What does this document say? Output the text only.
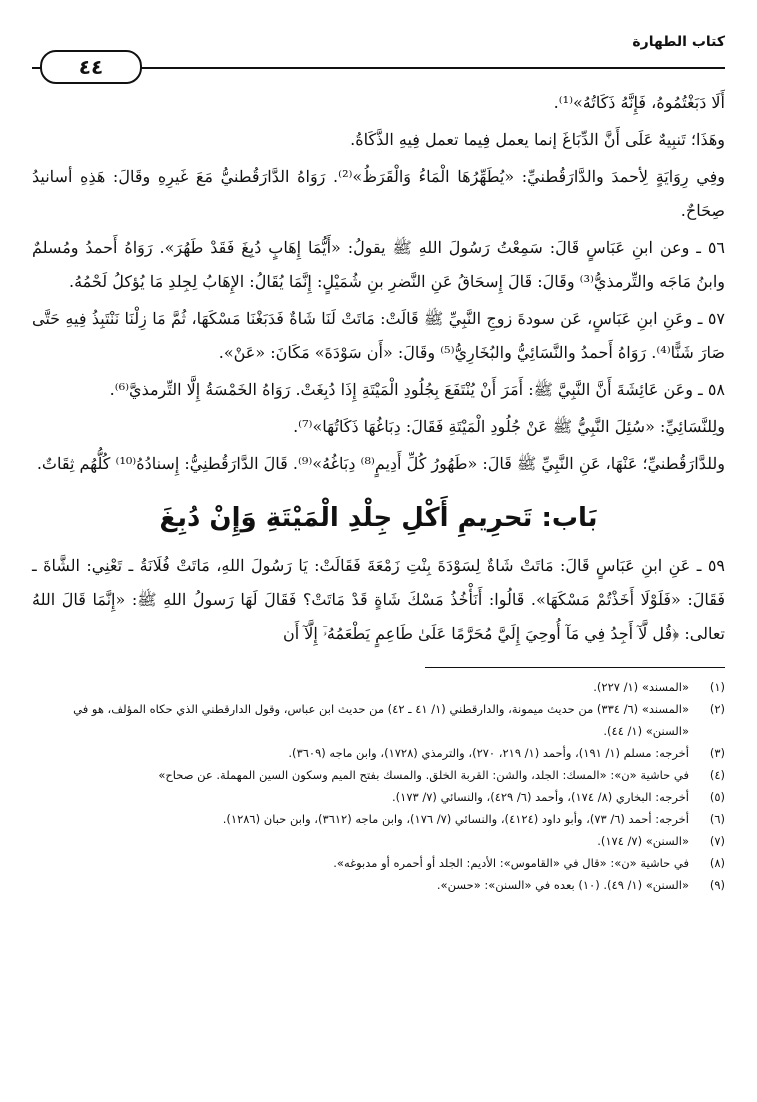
كتاب الطهارة
٤٤

أَلَا دَبَغْتُمُوهُ، فَإِنَّهُ ذَكَاتُهُ»⁽¹⁾.

وهَذَا؛ تَنبِيهٌ عَلَى أَنَّ الدِّبَاغَ إنما يعمل فِيما تعمل فِيهِ الذَّكَاةُ.

وفِي رِوَايَةٍ لِأحمدَ والدَّارَقُطنيِّ: «يُطَهِّرُهَا الْمَاءُ وَالْقَرَظُ»⁽²⁾. رَوَاهُ الدَّارَقُطنيُّ مَعَ غَيرِهِ وقَالَ: هَذِهِ أسانيدُ صِحَاحٌ.

٥٦ ـ وعن ابنِ عَبَاسٍ قَالَ: سَمِعْتُ رَسُولَ اللهِ ﷺ يقولُ: «أَيُّمَا إِهَابٍ دُبِغَ فَقَدْ طَهُرَ». رَوَاهُ أَحمدُ ومُسلمٌ وابنُ مَاجَه والتِّرمذيُّ⁽³⁾ وقَالَ: قَالَ إِسحَاقُ عَنِ النَّضرِ بنِ شُمَيْلٍ: إِنَّمَا يُقَالُ: الإِهَابُ لِجِلدِ مَا يُؤكلُ لَحْمُهُ.

٥٧ ـ وعَنِ ابنِ عَبَاسٍ، عَن سودةَ زوجِ النَّبِيِّ ﷺ قَالَتْ: مَاتَتْ لَنَا شَاةٌ فَدَبَغْنَا مَسْكَهَا، ثُمَّ مَا زِلْنَا نَنْتَبِذُ فِيهِ حَتَّى صَارَ شَنًّا⁽⁴⁾. رَوَاهُ أَحمدُ والنَّسَائِيُّ والبُخَارِيُّ⁽⁵⁾ وقَالَ: «أَن سَوْدَةَ» مَكَانَ: «عَنْ».

٥٨ ـ وعَن عَائِشَةَ أَنَّ النَّبِيَّ ﷺ: أَمَرَ أَنْ يُنْتَفَعَ بِجُلُودِ الْمَيْتَةِ إِذَا دُبِغَتْ. رَوَاهُ الخَمْسَةُ إِلَّا التِّرمذيَّ⁽⁶⁾.

ولِلنَّسَائِيِّ: «سُئِلَ النَّبِيُّ ﷺ عَنْ جُلُودِ الْمَيْتَةِ فَقَالَ: دِبَاغُهَا ذَكَاتُهَا»⁽⁷⁾.

وللدَّارَقُطنيِّ؛ عَنْهَا، عَنِ النَّبِيِّ ﷺ قَالَ: «طَهُورُ كُلِّ أَدِيمٍ⁽⁸⁾ دِبَاغُهُ»⁽⁹⁾. قَالَ الدَّارَقُطنِيُّ: إِسنادُهُ⁽¹⁰⁾ كُلُّهُم ثِقَاتٌ.

بَاب: تَحرِيمِ أَكْلِ جِلْدِ الْمَيْتَةِ وَإِنْ دُبِغَ

٥٩ ـ عَنِ ابنِ عَبَاسٍ قَالَ: مَاتَتْ شَاةٌ لِسَوْدَةَ بِنْتِ زَمْعَةَ فَقَالَتْ: يَا رَسُولَ اللهِ، مَاتَتْ فُلَانَةُ ـ تَعْنِي: الشَّاةَ ـ فَقَالَ: «فَلَوْلَا أَخَذْتُمْ مَسْكَهَا». قَالُوا: أَنَأْخُذُ مَسْكَ شَاةٍ قَدْ مَاتَتْ؟ فَقَالَ لَهَا رَسولُ اللهِ ﷺ: «إِنَّمَا قَالَ اللهُ تعالى: ﴿قُل لَّآ أَجِدُ فِي مَآ أُوحِيَ إِلَيَّ مُحَرَّمًا عَلَىٰ طَاعِمٍ يَطْعَمُهُۥٓ إِلَّآ أَن

(١)
«المسند» (١/ ٢٢٧).
(٢)
«المسند» (٦/ ٣٣٤) من حديث ميمونة، والدارقطني (١/ ٤١ ـ ٤٢) من حديث ابن عباس، وقول الدارقطني الذي حكاه المؤلف، هو في «السنن» (١/ ٤٤).
(٣)
أخرجه: مسلم (١/ ١٩١)، وأحمد (١/ ٢١٩، ٢٧٠)، والترمذي (١٧٢٨)، وابن ماجه (٣٦٠٩).
(٤)
في حاشية «ن»: «المسك: الجلد، والشن: القربة الخلق. والمسك بفتح الميم وسكون السين المهملة. عن صحاح»
(٥)
أخرجه: البخاري (٨/ ١٧٤)، وأحمد (٦/ ٤٢٩)، والنسائي (٧/ ١٧٣).
(٦)
أخرجه: أحمد (٦/ ٧٣)، وأبو داود (٤١٢٤)، والنسائي (٧/ ١٧٦)، وابن ماجه (٣٦١٢)، وابن حبان (١٢٨٦).
(٧)
«السنن» (٧/ ١٧٤).
(٨)
في حاشية «ن»: «قال في «القاموس»: الأديم: الجلد أو أحمره أو مدبوغه».
(٩)
«السنن» (١/ ٤٩). (١٠) بعده في «السنن»: «حسن».
